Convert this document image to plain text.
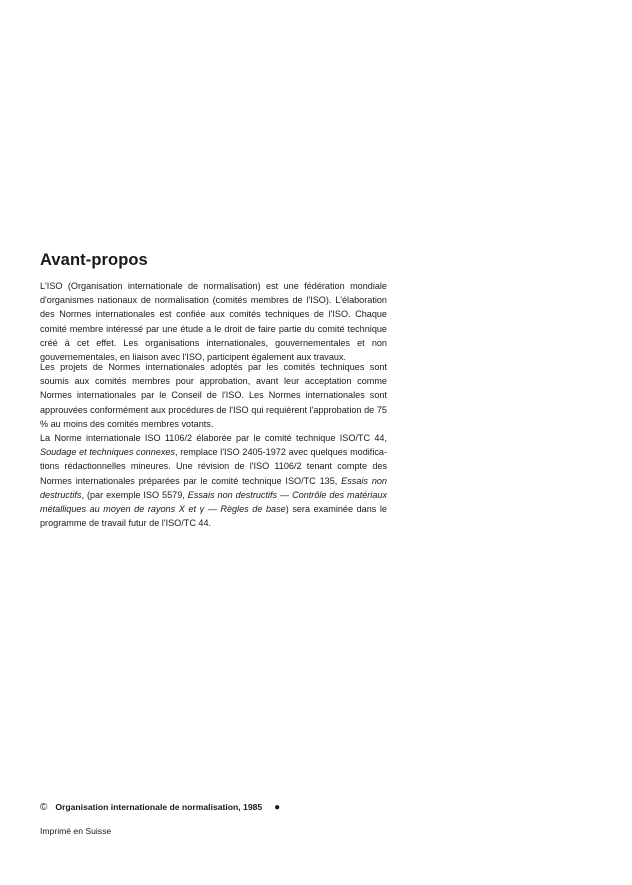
Avant-propos

L'ISO (Organisation internationale de normalisation) est une fédération mondiale d'organismes nationaux de normalisation (comités membres de l'ISO). L'élaboration des Normes internationales est confiée aux comités techniques de l'ISO. Chaque comité membre intéressé par une étude a le droit de faire partie du comité technique créé à cet effet. Les organisations internationales, gouvernementales et non gouvernementales, en liaison avec l'ISO, participent également aux travaux.

Les projets de Normes internationales adoptés par les comités techniques sont soumis aux comités membres pour approbation, avant leur acceptation comme Normes internationales par le Conseil de l'ISO. Les Normes internationales sont approuvées conformément aux procédures de l'ISO qui requièrent l'approbation de 75 % au moins des comités membres votants.

La Norme internationale ISO 1106/2 élaborée par le comité technique ISO/TC 44, Soudage et techniques connexes, remplace l'ISO 2405-1972 avec quelques modifications rédactionnelles mineures. Une révision de l'ISO 1106/2 tenant compte des Normes internationales préparées par le comité technique ISO/TC 135, Essais non destructifs, (par exemple ISO 5579, Essais non destructifs — Contrôle des matériaux métalliques au moyen de rayons X et γ — Règles de base) sera examinée dans le programme de travail futur de l'ISO/TC 44.

© Organisation internationale de normalisation, 1985 ●
Imprimé en Suisse
